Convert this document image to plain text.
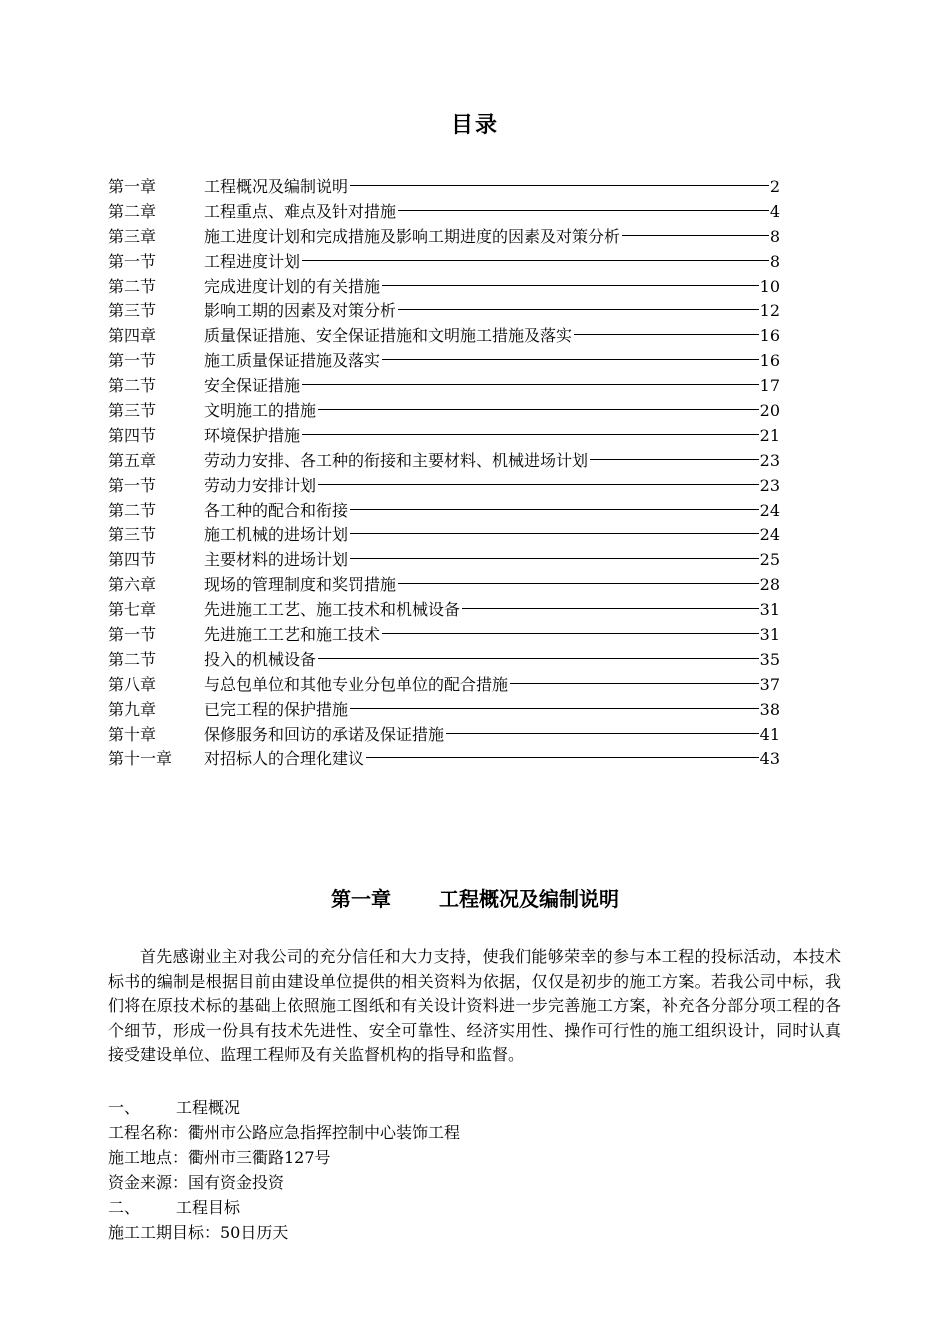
目录
第一章	工程概况及编制说明	2
第二章	工程重点、难点及针对措施	4
第三章	施工进度计划和完成措施及影响工期进度的因素及对策分析	8
第一节	工程进度计划	8
第二节	完成进度计划的有关措施	10
第三节	影响工期的因素及对策分析	12
第四章	质量保证措施、安全保证措施和文明施工措施及落实	16
第一节	施工质量保证措施及落实	16
第二节	安全保证措施	17
第三节	文明施工的措施	20
第四节	环境保护措施	21
第五章	劳动力安排、各工种的衔接和主要材料、机械进场计划	23
第一节	劳动力安排计划	23
第二节	各工种的配合和衔接	24
第三节	施工机械的进场计划	24
第四节	主要材料的进场计划	25
第六章	现场的管理制度和奖罚措施	28
第七章	先进施工工艺、施工技术和机械设备	31
第一节	先进施工工艺和施工技术	31
第二节	投入的机械设备	35
第八章	与总包单位和其他专业分包单位的配合措施	37
第九章	已完工程的保护措施	38
第十章	保修服务和回访的承诺及保证措施	41
第十一章	对招标人的合理化建议	43
第一章 工程概况及编制说明

首先感谢业主对我公司的充分信任和大力支持，使我们能够荣幸的参与本工程的投标活动，本技术标书的编制是根据目前由建设单位提供的相关资料为依据，仅仅是初步的施工方案。若我公司中标，我们将在原技术标的基础上依照施工图纸和有关设计资料进一步完善施工方案，补充各分部分项工程的各个细节，形成一份具有技术先进性、安全可靠性、经济实用性、操作可行性的施工组织设计，同时认真接受建设单位、监理工程师及有关监督机构的指导和监督。

一、 工程概况
工程名称：衢州市公路应急指挥控制中心装饰工程
施工地点：衢州市三衢路127号
资金来源：国有资金投资
二、 工程目标
施工工期目标：50日历天
